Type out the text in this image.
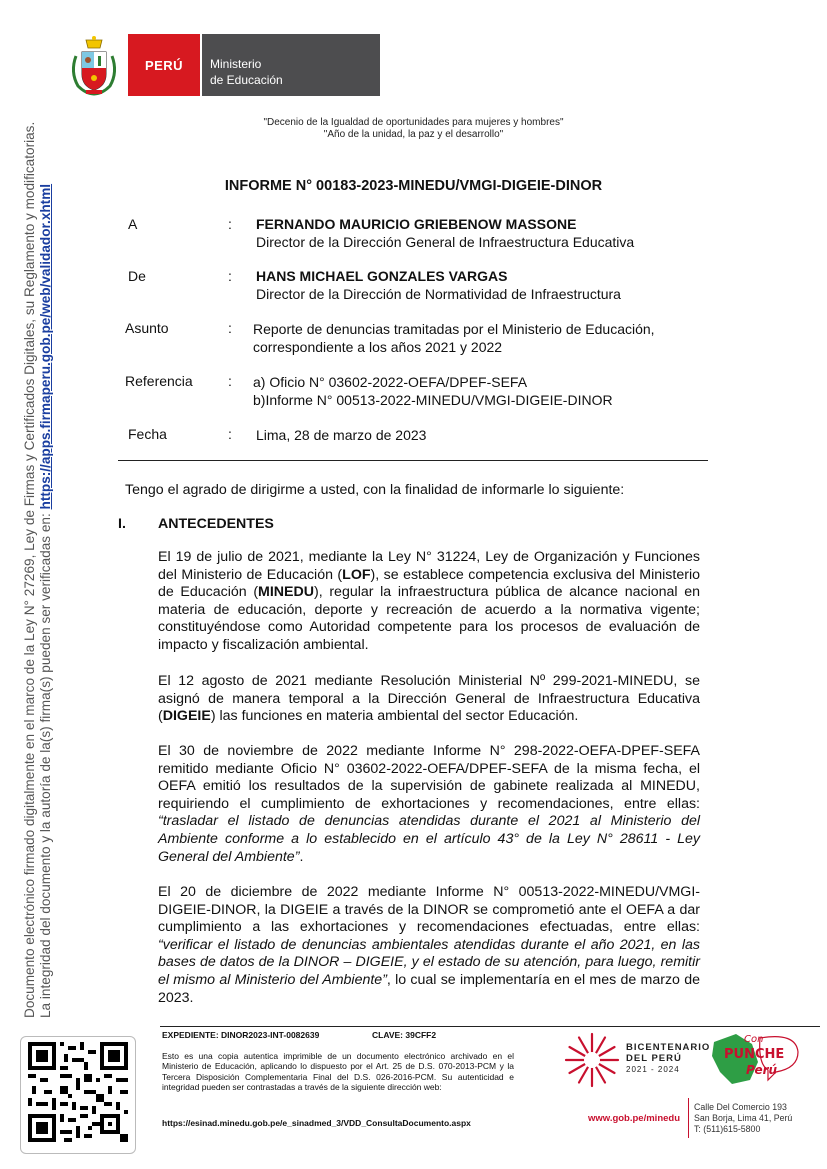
PERÚ Ministerio
de Educación
"Decenio de la Igualdad de oportunidades para mujeres y hombres"
"Año de la unidad, la paz y el desarrollo"
Documento electrónico firmado digitalmente en el marco de la Ley N° 27269, Ley de Firmas y Certificados Digitales, su Reglamento y modificatorias. La integridad del documento y la autoría de la(s) firma(s) pueden ser verificadas en: https://apps.firmaperu.gob.pe/web/validador.xhtml	INFORME N° 00183-2023-MINEDU/VMGI-DIGEIE-DINOR
A	: FERNANDO MAURICIO GRIEBENOW MASSONE
Director de la Dirección General de Infraestructura Educativa
De	: HANS MICHAEL GONZALES VARGAS
Director de la Dirección de Normatividad de Infraestructura
Asunto	: Reporte de denuncias tramitadas por el Ministerio de Educación,
correspondiente a los años 2021 y 2022
Referencia	: a) Oficio N° 03602-2022-OEFA/DPEF-SEFA
b)Informe N° 00513-2022-MINEDU/VMGI-DIGEIE-DINOR
Fecha	: Lima, 28 de marzo de 2023
Tengo el agrado de dirigirme a usted, con la finalidad de informarle lo siguiente:
I. ANTECEDENTES
El 19 de julio de 2021, mediante la Ley N° 31224, Ley de Organización y Funciones del Ministerio de Educación (LOF), se establece competencia exclusiva del Ministerio de Educación (MINEDU), regular la infraestructura pública de alcance nacional en materia de educación, deporte y recreación de acuerdo a la normativa vigente; constituyéndose como Autoridad competente para los procesos de evaluación de impacto y fiscalización ambiental.
El 12 agosto de 2021 mediante Resolución Ministerial Nº 299-2021-MINEDU, se asignó de manera temporal a la Dirección General de Infraestructura Educativa (DIGEIE) las funciones en materia ambiental del sector Educación.
El 30 de noviembre de 2022 mediante Informe N° 298-2022-OEFA-DPEF-SEFA remitido mediante Oficio N° 03602-2022-OEFA/DPEF-SEFA de la misma fecha, el OEFA emitió los resultados de la supervisión de gabinete realizada al MINEDU, requiriendo el cumplimiento de exhortaciones y recomendaciones, entre ellas: “trasladar el listado de denuncias atendidas durante el 2021 al Ministerio del Ambiente conforme a lo establecido en el artículo 43° de la Ley N° 28611 - Ley General del Ambiente”.
El 20 de diciembre de 2022 mediante Informe N° 00513-2022-MINEDU/VMGI-DIGEIE-DINOR, la DIGEIE a través de la DINOR se comprometió ante el OEFA a dar cumplimiento a las exhortaciones y recomendaciones efectuadas, entre ellas: “verificar el listado de denuncias ambientales atendidas durante el año 2021, en las bases de datos de la DINOR – DIGEIE, y el estado de su atención, para luego, remitir el mismo al Ministerio del Ambiente”, lo cual se implementaría en el mes de marzo de 2023.
EXPEDIENTE: DINOR2023-INT-0082639	CLAVE: 39CFF2
Esto es una copia autentica imprimible de un documento electrónico archivado en el Ministerio de Educación, aplicando lo dispuesto por el Art. 25 de D.S. 070-2013-PCM y la Tercera Disposición Complementaria Final del D.S. 026-2016-PCM. Su autenticidad e integridad pueden ser contrastadas a través de la siguiente dirección web:
https://esinad.minedu.gob.pe/e_sinadmed_3/VDD_ConsultaDocumento.aspx
BICENTENARIO
DEL PERÚ
2021 - 2024
Con
PUNCHE
Perú
www.gob.pe/minedu
Calle Del Comercio 193
San Borja, Lima 41, Perú
T: (511)615-5800
